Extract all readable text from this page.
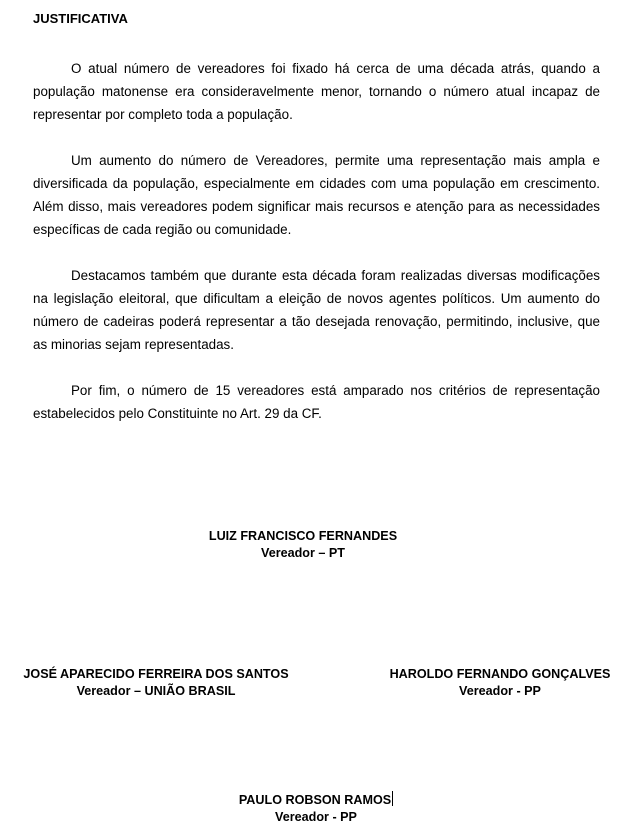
JUSTIFICATIVA

O atual número de vereadores foi fixado há cerca de uma década atrás, quando a população matonense era consideravelmente menor, tornando o número atual incapaz de representar por completo toda a população.

Um aumento do número de Vereadores, permite uma representação mais ampla e diversificada da população, especialmente em cidades com uma população em crescimento. Além disso, mais vereadores podem significar mais recursos e atenção para as necessidades específicas de cada região ou comunidade.

Destacamos também que durante esta década foram realizadas diversas modificações na legislação eleitoral, que dificultam a eleição de novos agentes políticos. Um aumento do número de cadeiras poderá representar a tão desejada renovação, permitindo, inclusive, que as minorias sejam representadas.

Por fim, o número de 15 vereadores está amparado nos critérios de representação estabelecidos pelo Constituinte no Art. 29 da CF.

LUIZ FRANCISCO FERNANDES
Vereador – PT
JOSÉ APARECIDO FERREIRA DOS SANTOS
Vereador – UNIÃO BRASIL
HAROLDO FERNANDO GONÇALVES
Vereador - PP
PAULO ROBSON RAMOS
Vereador - PP
